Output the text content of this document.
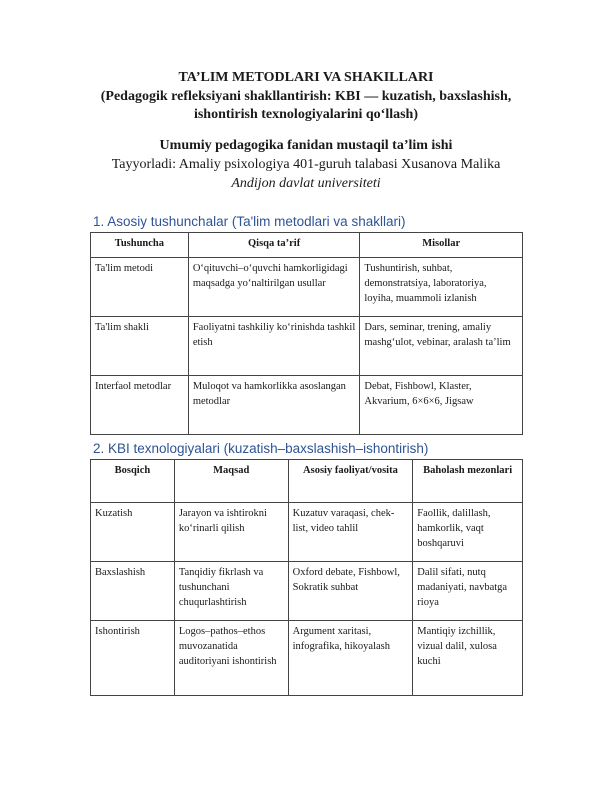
TA’LIM METODLARI VA SHAKILLARI
(Pedagogik refleksiyani shakllantirish: KBI — kuzatish, baxslashish,
ishontirish texnologiyalarini qo‘llash)
Umumiy pedagogika fanidan mustaqil ta’lim ishi
Tayyorladi: Amaliy psixologiya 401-guruh talabasi Xusanova Malika
Andijon davlat universiteti
1. Asosiy tushunchalar (Ta'lim metodlari va shakllari)
Tushuncha	Qisqa ta’rif	Misollar
Ta'lim metodi	O‘qituvchi–o‘quvchi hamkorligidagi maqsadga yo‘naltirilgan usullar	Tushuntirish, suhbat, demonstratsiya, laboratoriya, loyiha, muammoli izlanish
Ta'lim shakli	Faoliyatni tashkiliy ko‘rinishda tashkil etish	Dars, seminar, trening, amaliy mashg‘ulot, vebinar, aralash ta’lim
Interfaol metodlar	Muloqot va hamkorlikka asoslangan metodlar	Debat, Fishbowl, Klaster, Akvarium, 6×6×6, Jigsaw
2. KBI texnologiyalari (kuzatish–baxslashish–ishontirish)
Bosqich	Maqsad	Asosiy faoliyat/vosita	Baholash mezonlari
Kuzatish	Jarayon va ishtirokni ko‘rinarli qilish	Kuzatuv varaqasi, chek-list, video tahlil	Faollik, dalillash, hamkorlik, vaqt boshqaruvi
Baxslashish	Tanqidiy fikrlash va tushunchani chuqurlashtirish	Oxford debate, Fishbowl, Sokratik suhbat	Dalil sifati, nutq madaniyati, navbatga rioya
Ishontirish	Logos–pathos–ethos muvozanatida auditoriyani ishontirish	Argument xaritasi, infografika, hikoyalash	Mantiqiy izchillik, vizual dalil, xulosa kuchi
